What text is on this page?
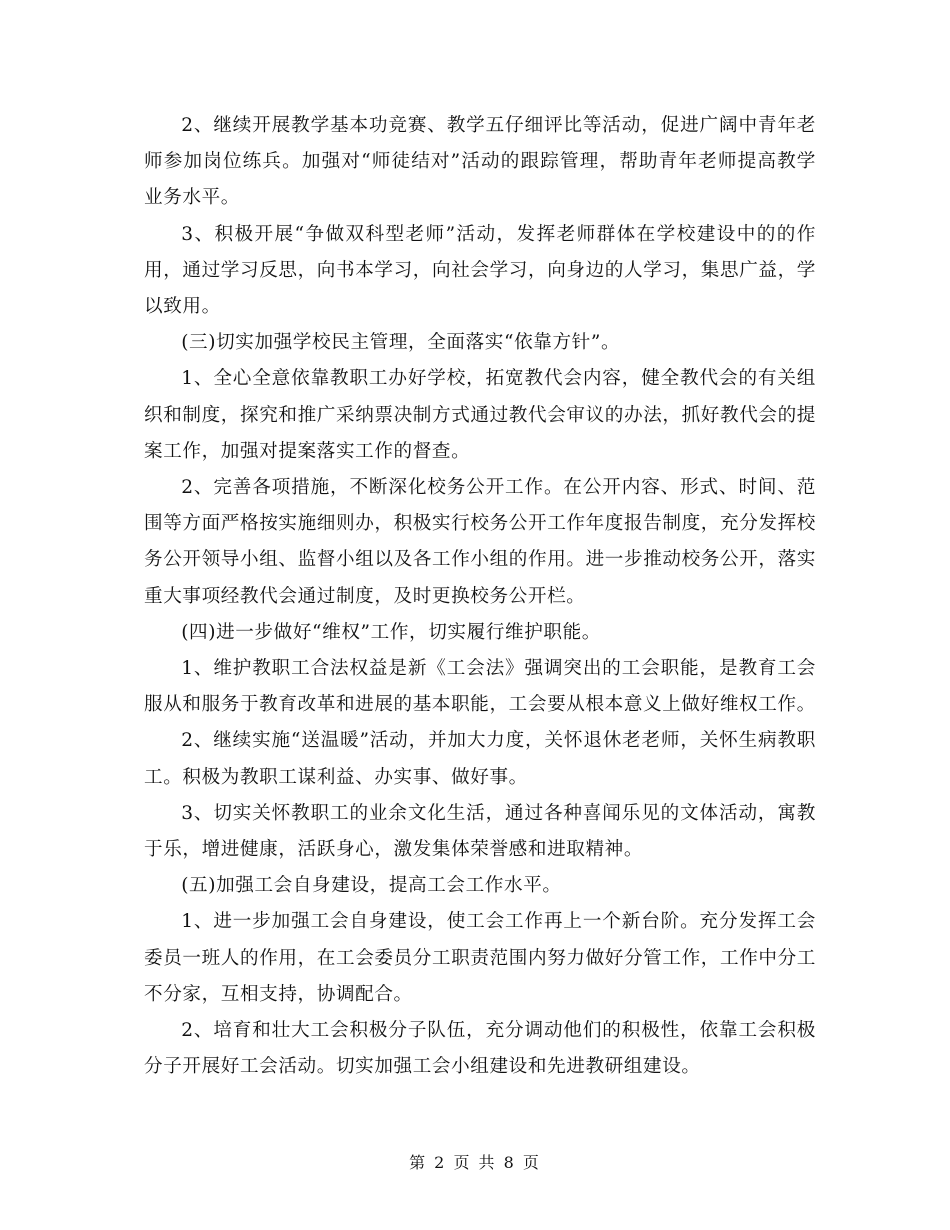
2、继续开展教学基本功竞赛、教学五仔细评比等活动，促进广阔中青年老师参加岗位练兵。加强对“师徒结对”活动的跟踪管理，帮助青年老师提高教学业务水平。

3、积极开展“争做双科型老师”活动，发挥老师群体在学校建设中的的作用，通过学习反思，向书本学习，向社会学习，向身边的人学习，集思广益，学以致用。

(三)切实加强学校民主管理，全面落实“依靠方针”。

1、全心全意依靠教职工办好学校，拓宽教代会内容，健全教代会的有关组织和制度，探究和推广采纳票决制方式通过教代会审议的办法，抓好教代会的提案工作，加强对提案落实工作的督查。

2、完善各项措施，不断深化校务公开工作。在公开内容、形式、时间、范围等方面严格按实施细则办，积极实行校务公开工作年度报告制度，充分发挥校务公开领导小组、监督小组以及各工作小组的作用。进一步推动校务公开，落实重大事项经教代会通过制度，及时更换校务公开栏。

(四)进一步做好“维权”工作，切实履行维护职能。

1、维护教职工合法权益是新《工会法》强调突出的工会职能，是教育工会服从和服务于教育改革和进展的基本职能，工会要从根本意义上做好维权工作。

2、继续实施“送温暖”活动，并加大力度，关怀退休老老师，关怀生病教职工。积极为教职工谋利益、办实事、做好事。

3、切实关怀教职工的业余文化生活，通过各种喜闻乐见的文体活动，寓教于乐，增进健康，活跃身心，激发集体荣誉感和进取精神。

(五)加强工会自身建设，提高工会工作水平。

1、进一步加强工会自身建设，使工会工作再上一个新台阶。充分发挥工会委员一班人的作用，在工会委员分工职责范围内努力做好分管工作，工作中分工不分家，互相支持，协调配合。

2、培育和壮大工会积极分子队伍，充分调动他们的积极性，依靠工会积极分子开展好工会活动。切实加强工会小组建设和先进教研组建设。

第 2 页 共 8 页
